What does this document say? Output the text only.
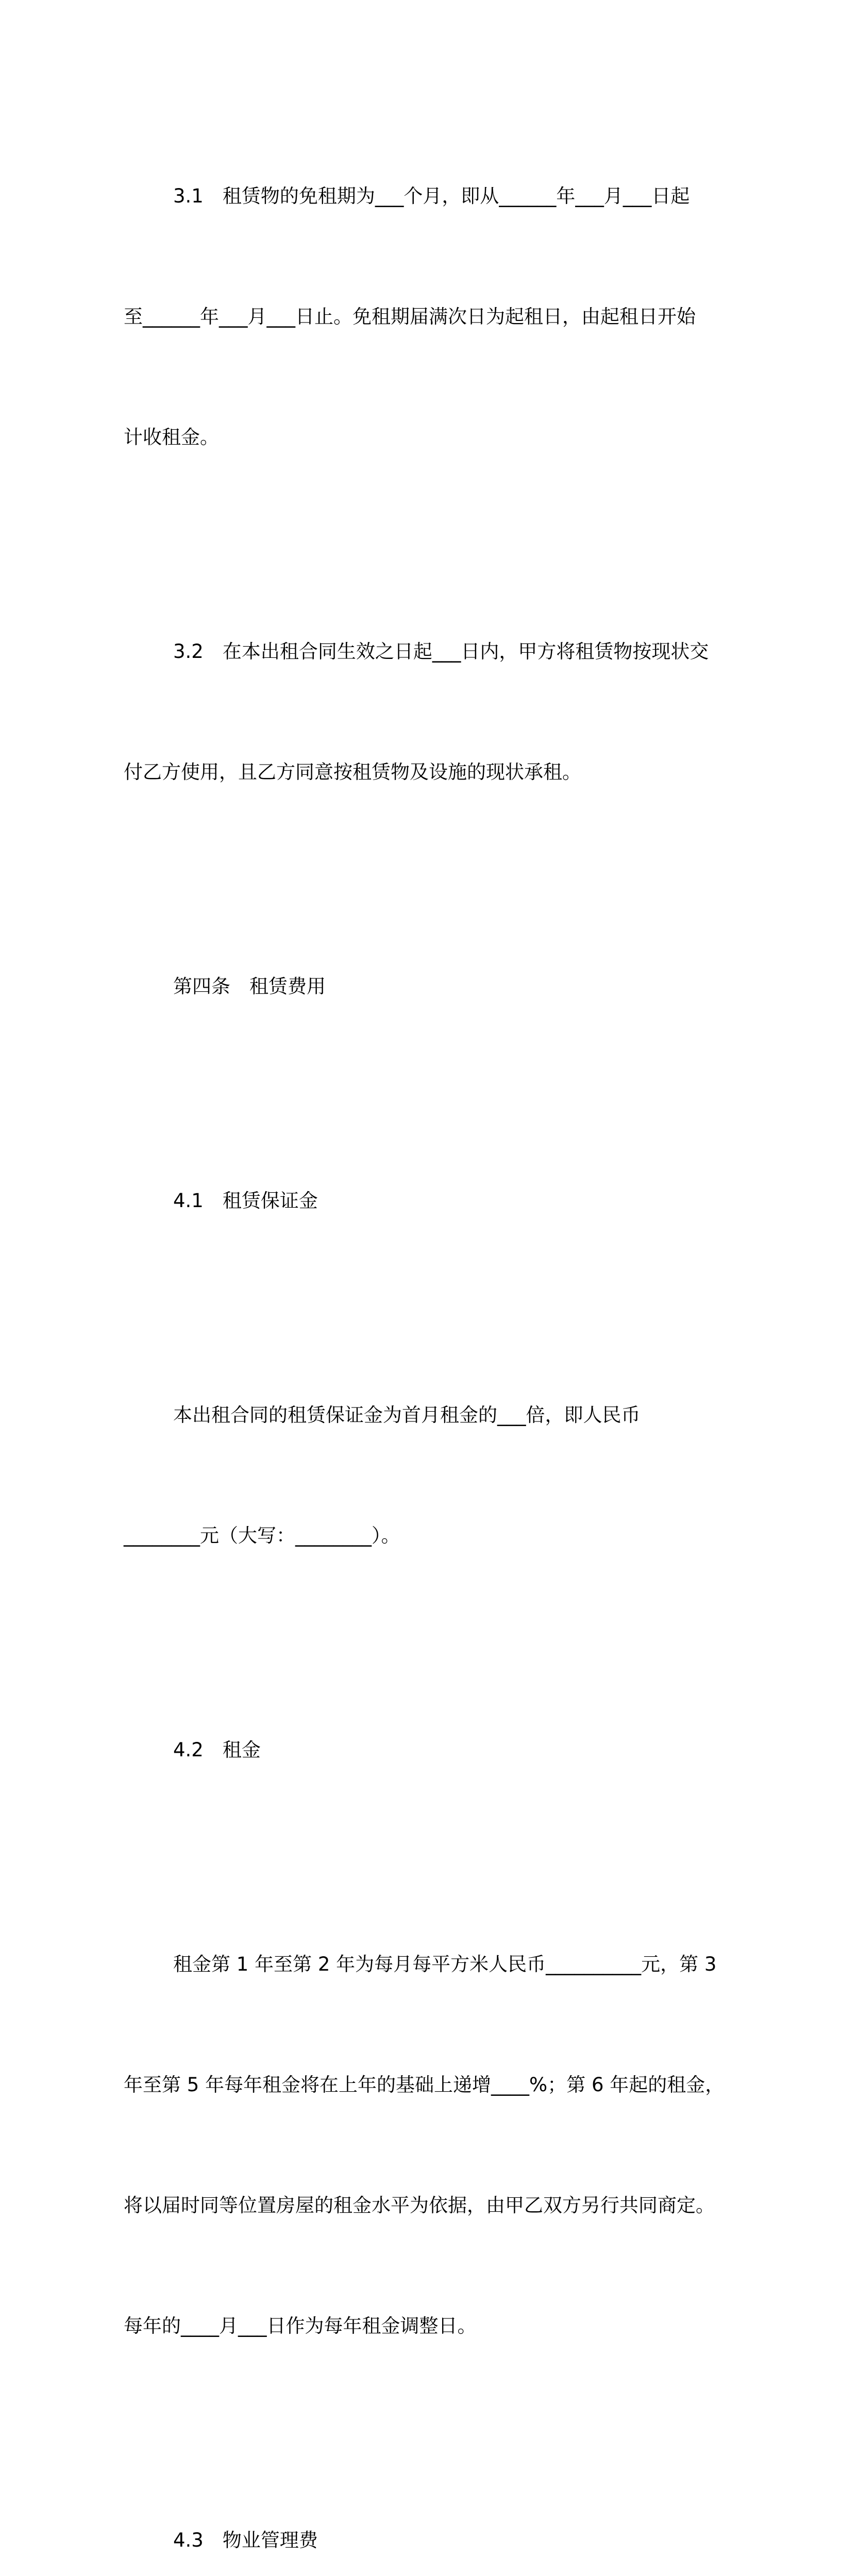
3.1　租赁物的免租期为___个月，即从______年___月___日起

至______年___月___日止。免租期届满次日为起租日，由起租日开始

计收租金。

3.2　在本出租合同生效之日起___日内，甲方将租赁物按现状交

付乙方使用，且乙方同意按租赁物及设施的现状承租。

第四条　租赁费用

4.1　租赁保证金

本出租合同的租赁保证金为首月租金的___倍，即人民币

________元（大写：________）。

4.2　租金

租金第 1 年至第 2 年为每月每平方米人民币__________元，第 3

年至第 5 年每年租金将在上年的基础上递增____%；第 6 年起的租金，

将以届时同等位置房屋的租金水平为依据，由甲乙双方另行共同商定。

每年的____月___日作为每年租金调整日。

4.3　物业管理费
